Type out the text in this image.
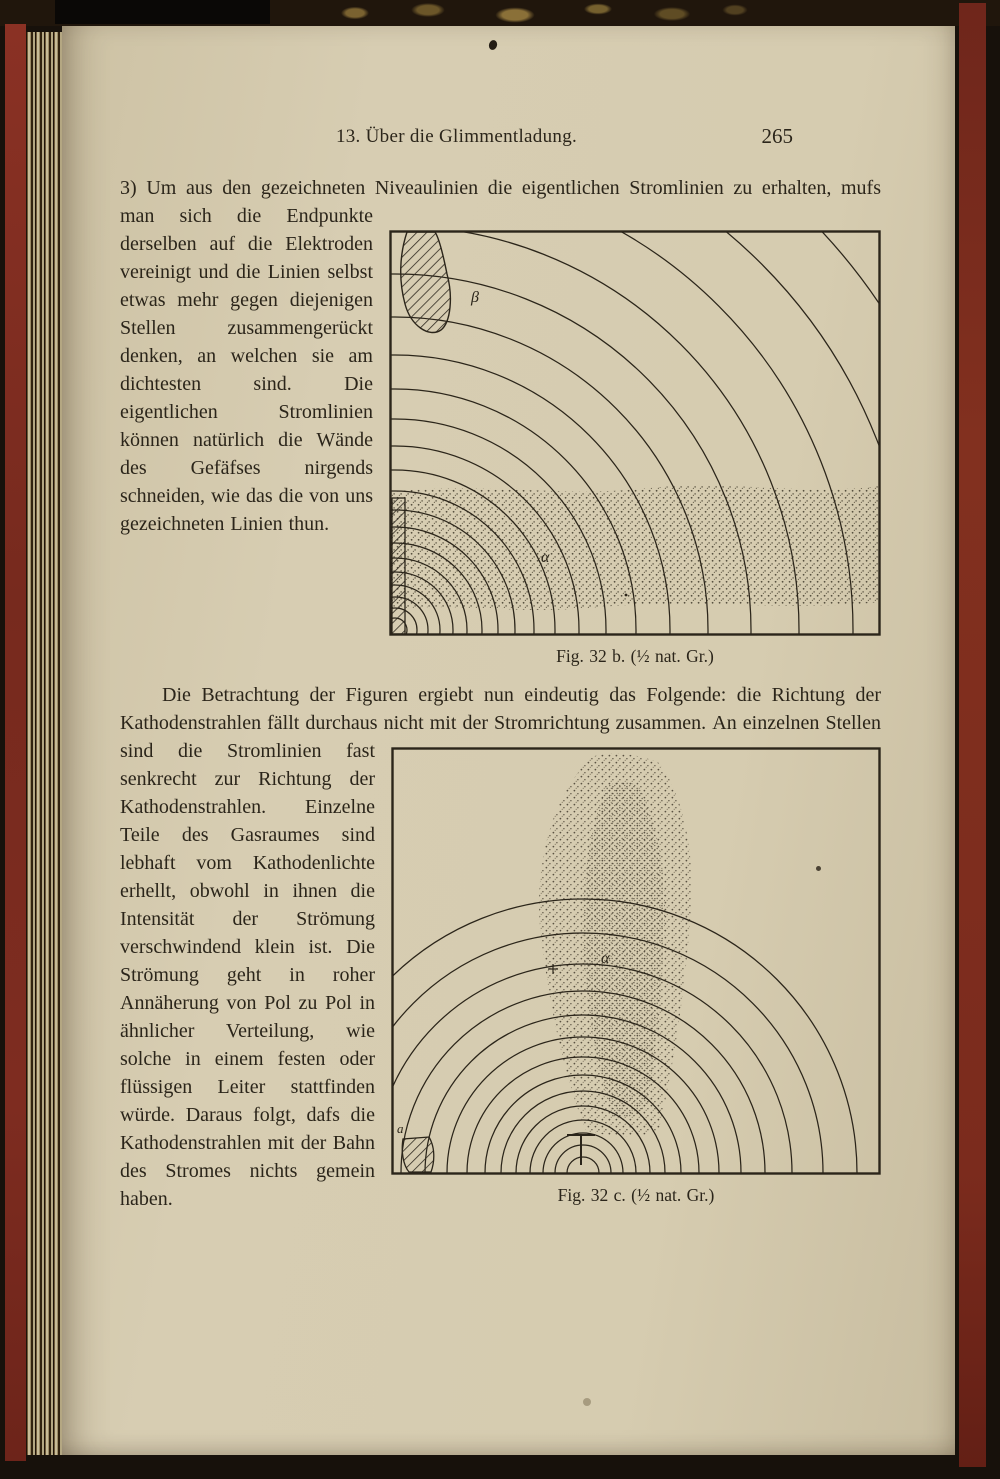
13. Über die Glimmentladung.	265

3) Um aus den gezeichneten Niveaulinien die eigentlichen
β
α
Fig. 32 b. (½ nat. Gr.)
Stromlinien zu erhalten, mufs man sich die Endpunkte derselben auf die Elektroden vereinigt und die Linien selbst etwas mehr gegen diejenigen Stellen zusammengerückt denken, an welchen sie am dichtesten sind. Die eigentlichen Stromlinien können natürlich die Wände des Gefäfses nirgends schneiden, wie das die von uns gezeichneten Linien thun.

Die Betrachtung der Figuren ergiebt nun eindeutig das Folgende: die Richtung der Kathodenstrahlen fällt durchaus nicht mit der Stromrichtung zusammen.
α
a
Fig. 32 c. (½ nat. Gr.)
An einzelnen Stellen sind die Stromlinien fast senkrecht zur Richtung der Kathodenstrahlen. Einzelne Teile des Gasraumes sind lebhaft vom Kathodenlichte erhellt, obwohl in ihnen die Intensität der Strömung verschwindend klein ist. Die Strömung geht in roher Annäherung von Pol zu Pol in ähnlicher Verteilung, wie solche in einem festen oder flüssigen Leiter stattfinden würde. Daraus folgt, dafs die Kathodenstrahlen mit der Bahn des Stromes nichts gemein haben.
